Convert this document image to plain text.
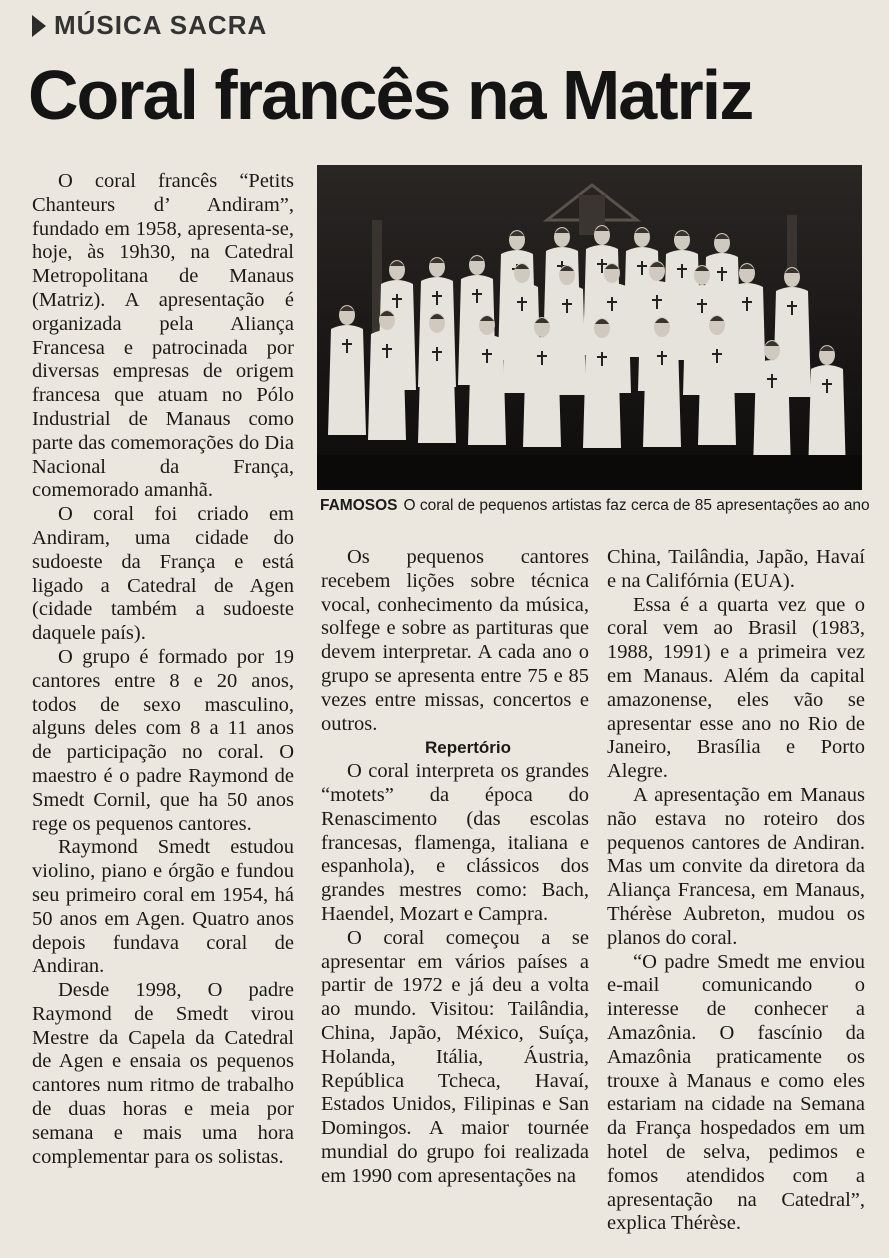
MÚSICA SACRA
Coral francês na Matriz

O coral francês “Petits Chanteurs d’ Andiram”, fundado em 1958, apresenta-se, hoje, às 19h30, na Catedral Metropolitana de Manaus (Matriz). A apresentação é organizada pela Aliança Francesa e patrocinada por diversas empresas de origem francesa que atuam no Pólo Industrial de Manaus como parte das comemorações do Dia Nacional da França, comemorado amanhã.

O coral foi criado em Andiram, uma cidade do sudoeste da França e está ligado a Catedral de Agen (cidade também a sudoeste daquele país).

O grupo é formado por 19 cantores entre 8 e 20 anos, todos de sexo masculino, alguns deles com 8 a 11 anos de participação no coral. O maestro é o padre Raymond de Smedt Cornil, que ha 50 anos rege os pequenos cantores.

Raymond Smedt estudou violino, piano e órgão e fundou seu primeiro coral em 1954, há 50 anos em Agen. Quatro anos depois fundava coral de Andiran.

Desde 1998, O padre Raymond de Smedt virou Mestre da Capela da Catedral de Agen e ensaia os pequenos cantores num ritmo de trabalho de duas horas e meia por semana e mais uma hora complementar para os solistas.

FAMOSOS O coral de pequenos artistas faz cerca de 85 apresentações ao ano

Os pequenos cantores recebem lições sobre técnica vocal, conhecimento da música, solfege e sobre as partituras que devem interpretar. A cada ano o grupo se apresenta entre 75 e 85 vezes entre missas, concertos e outros.

Repertório

O coral interpreta os grandes “motets” da época do Renascimento (das escolas francesas, flamenga, italiana e espanhola), e clássicos dos grandes mestres como: Bach, Haendel, Mozart e Campra.

O coral começou a se apresentar em vários países a partir de 1972 e já deu a volta ao mundo. Visitou: Tailândia, China, Japão, México, Suíça, Holanda, Itália, Áustria, República Tcheca, Havaí, Estados Unidos, Filipinas e San Domingos. A maior tournée mundial do grupo foi realizada em 1990 com apresentações na

China, Tailândia, Japão, Havaí e na Califórnia (EUA).

Essa é a quarta vez que o coral vem ao Brasil (1983, 1988, 1991) e a primeira vez em Manaus. Além da capital amazonense, eles vão se apresentar esse ano no Rio de Janeiro, Brasília e Porto Alegre.

A apresentação em Manaus não estava no roteiro dos pequenos cantores de Andiran. Mas um convite da diretora da Aliança Francesa, em Manaus, Thérèse Aubreton, mudou os planos do coral.

“O padre Smedt me enviou e-mail comunicando o interesse de conhecer a Amazônia. O fascínio da Amazônia praticamente os trouxe à Manaus e como eles estariam na cidade na Semana da França hospedados em um hotel de selva, pedimos e fomos atendidos com a apresentação na Catedral”, explica Thérèse.
